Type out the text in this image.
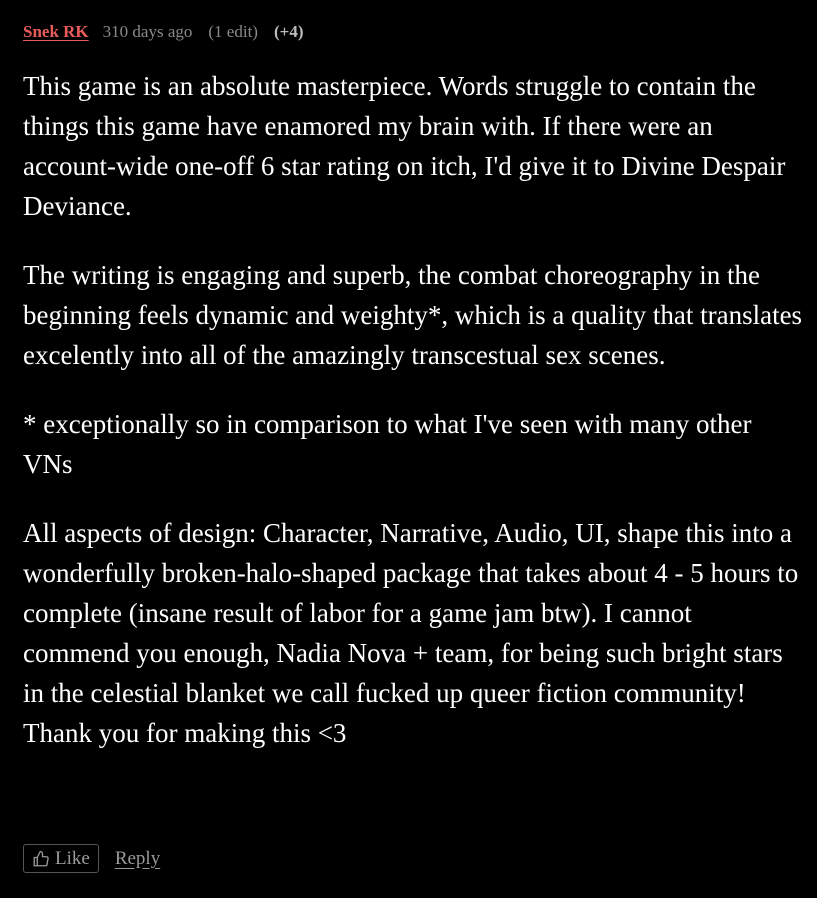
Snek RK 310 days ago (1 edit) (+4)

This game is an absolute masterpiece. Words struggle to contain the things this game have enamored my brain with. If there were an account-wide one-off 6 star rating on itch, I'd give it to Divine Despair Deviance.

The writing is engaging and superb, the combat choreography in the beginning feels dynamic and weighty*, which is a quality that translates excelently into all of the amazingly transcestual sex scenes.

* exceptionally so in comparison to what I've seen with many other VNs

All aspects of design: Character, Narrative, Audio, UI, shape this into a wonderfully broken-halo-shaped package that takes about 4 - 5 hours to complete (insane result of labor for a game jam btw). I cannot commend you enough, Nadia Nova + team, for being such bright stars in the celestial blanket we call fucked up queer fiction community! Thank you for making this <3

Like Reply
